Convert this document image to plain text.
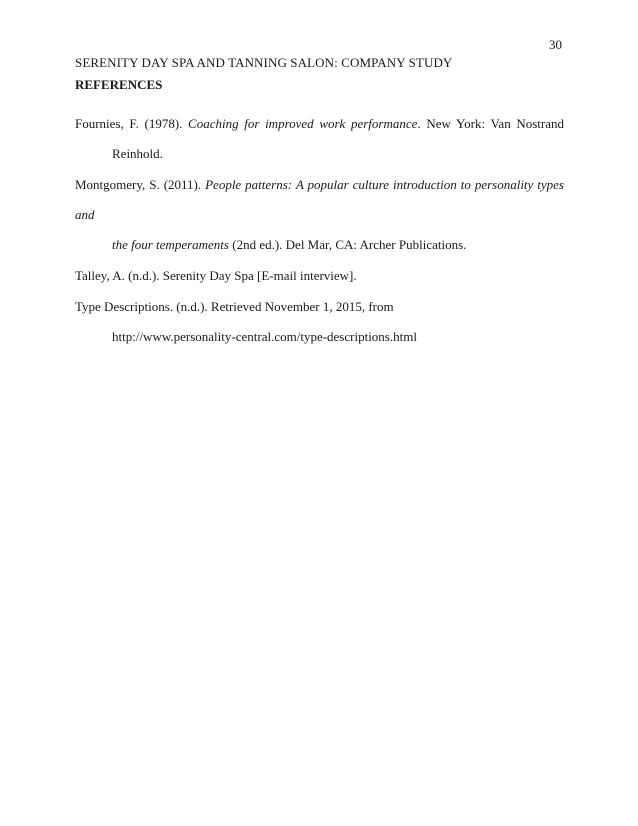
30
SERENITY DAY SPA AND TANNING SALON: COMPANY STUDY
REFERENCES
Fournies, F. (1978). Coaching for improved work performance. New York: Van Nostrand
Reinhold.
Montgomery, S. (2011). People patterns: A popular culture introduction to personality types and
the four temperaments (2nd ed.). Del Mar, CA: Archer Publications.
Talley, A. (n.d.). Serenity Day Spa [E-mail interview].
Type Descriptions. (n.d.). Retrieved November 1, 2015, from
http://www.personality-central.com/type-descriptions.html
